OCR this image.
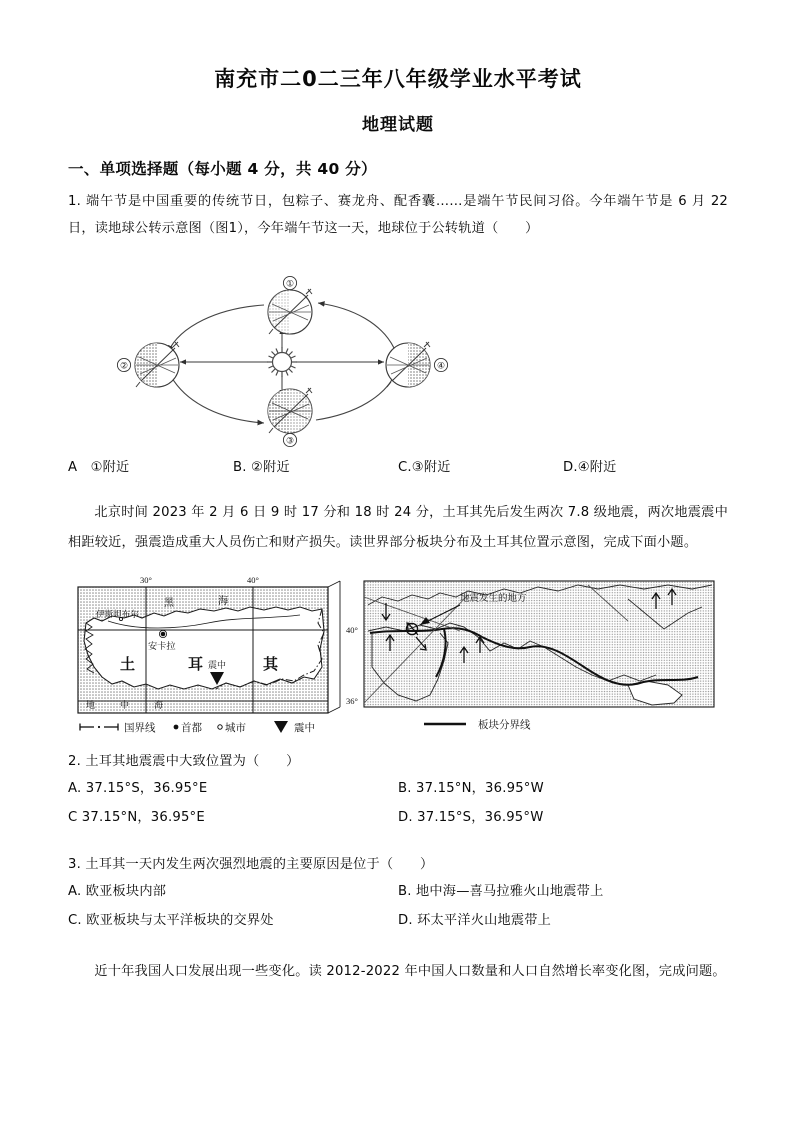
南充市二0二三年八年级学业水平考试
地理试题
一、单项选择题（每小题 4 分，共 40 分）
1. 端午节是中国重要的传统节日，包粽子、赛龙舟、配香囊……是端午节民间习俗。今年端午节是 6 月 22 日，读地球公转示意图（图1），今年端午节这一天，地球位于公转轨道（　　）
①
②
③
④
A　①附近	B. ②附近	C.③附近	D.④附近
北京时间 2023 年 2 月 6 日 9 时 17 分和 18 时 24 分，土耳其先后发生两次 7.8 级地震，两次地震震中相距较近，强震造成重大人员伤亡和财产损失。读世界部分板块分布及土耳其位置示意图，完成下面小题。
30°	40°
40°
36°
黑	海
伊斯坦布尔
安卡拉
土	耳	其
震中
地	中	海
国界线 首都 城市	震中
地震发生的地方
板块分界线
2. 土耳其地震震中大致位置为（　　）
A. 37.15°S，36.95°E	B. 37.15°N，36.95°W
C 37.15°N，36.95°E	D. 37.15°S，36.95°W
3. 土耳其一天内发生两次强烈地震的主要原因是位于（　　）
A. 欧亚板块内部	B. 地中海—喜马拉雅火山地震带上
C. 欧亚板块与太平洋板块的交界处	D. 环太平洋火山地震带上
近十年我国人口发展出现一些变化。读 2012-2022 年中国人口数量和人口自然增长率变化图，完成问题。
